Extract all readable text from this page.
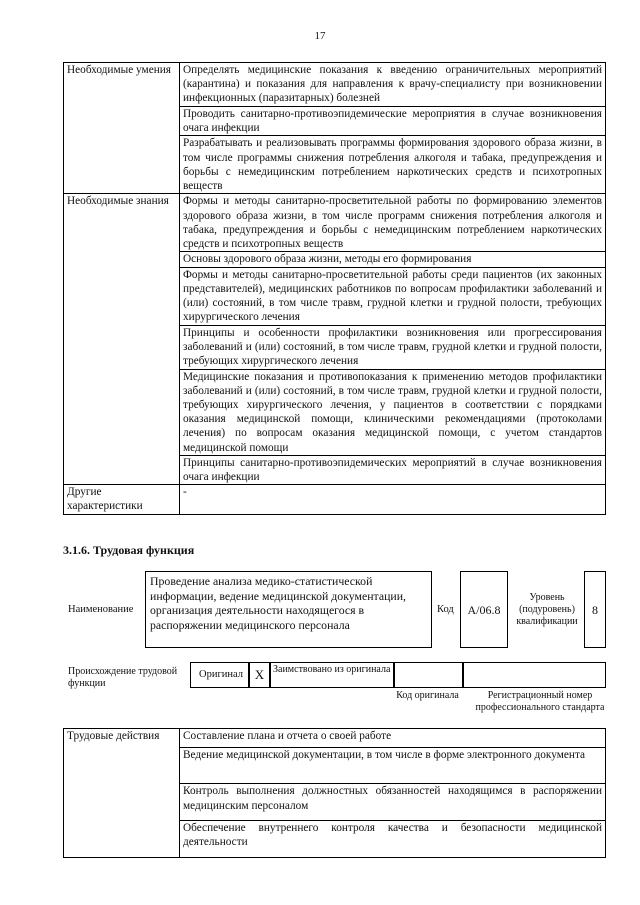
17
Необходимые умения	Определять медицинские показания к введению ограничительных мероприятий (карантина) и показания для направления к врачу-специалисту при возникновении инфекционных (паразитарных) болезней
	Проводить санитарно-противоэпидемические мероприятия в случае возникновения очага инфекции
	Разрабатывать и реализовывать программы формирования здорового образа жизни, в том числе программы снижения потребления алкоголя и табака, предупреждения и борьбы с немедицинским потреблением наркотических средств и психотропных веществ
Необходимые знания	Формы и методы санитарно-просветительной работы по формированию элементов здорового образа жизни, в том числе программ снижения потребления алкоголя и табака, предупреждения и борьбы с немедицинским потреблением наркотических средств и психотропных веществ
	Основы здорового образа жизни, методы его формирования
	Формы и методы санитарно-просветительной работы среди пациентов (их законных представителей), медицинских работников по вопросам профилактики заболеваний и (или) состояний, в том числе травм, грудной клетки и грудной полости, требующих хирургического лечения
	Принципы и особенности профилактики возникновения или прогрессирования заболеваний и (или) состояний, в том числе травм, грудной клетки и грудной полости, требующих хирургического лечения
	Медицинские показания и противопоказания к применению методов профилактики заболеваний и (или) состояний, в том числе травм, грудной клетки и грудной полости, требующих хирургического лечения, у пациентов в соответствии с порядками оказания медицинской помощи, клиническими рекомендациями (протоколами лечения) по вопросам оказания медицинской помощи, с учетом стандартов медицинской помощи
	Принципы санитарно-противоэпидемических мероприятий в случае возникновения очага инфекции
Другие характеристики	-
3.1.6. Трудовая функция
Наименование
Проведение анализа медико-статистической информации, ведение медицинской документации, организация деятельности находящегося в распоряжении медицинского персонала
Код	A/06.8
Уровень (подуровень) квалификации
8
Происхождение трудовой функции
Оригинал X Заимствовано из оригинала
Код оригинала	Регистрационный номер профессионального стандарта
Трудовые действия	Составление плана и отчета о своей работе
Ведение медицинской документации, в том числе в форме электронного документа
Контроль выполнения должностных обязанностей находящимся в распоряжении медицинским персоналом
Обеспечение внутреннего контроля качества и безопасности медицинской деятельности
